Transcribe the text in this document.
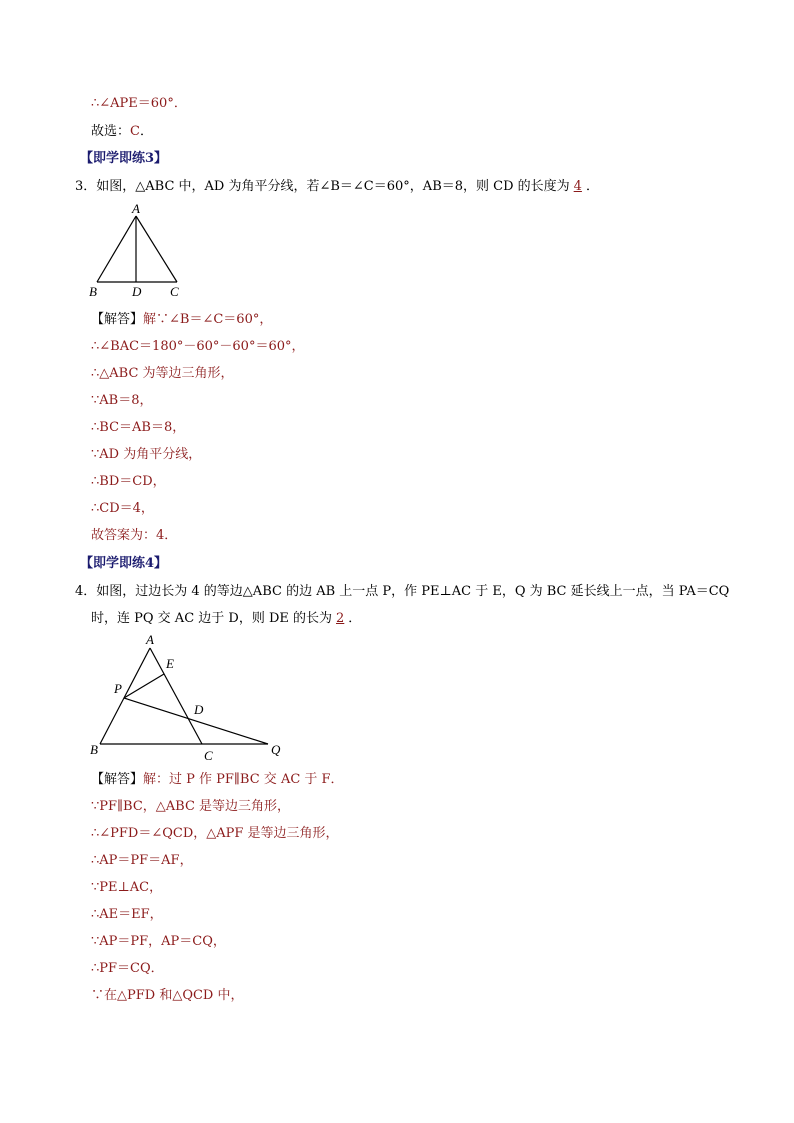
∴∠APE＝60°．
故选：C．
【即学即练3】
3．如图，△ABC 中，AD 为角平分线，若∠B＝∠C＝60°，AB＝8，则 CD 的长度为 4 ．
A
B	D C
【解答】解∵∠B＝∠C＝60°，
∴∠BAC＝180°－60°－60°＝60°，
∴△ABC 为等边三角形，
∵AB＝8，
∴BC＝AB＝8，
∵AD 为角平分线，
∴BD＝CD，
∴CD＝4，
故答案为：4．
【即学即练4】
4．如图，过边长为 4 的等边△ABC 的边 AB 上一点 P，作 PE⊥AC 于 E，Q 为 BC 延长线上一点，当 PA＝CQ
时，连 PQ 交 AC 边于 D，则 DE 的长为 2 ．
A
E
P
D
B	C	Q
【解答】解：过 P 作 PF∥BC 交 AC 于 F．
∵PF∥BC，△ABC 是等边三角形，
∴∠PFD＝∠QCD，△APF 是等边三角形，
∴AP＝PF＝AF，
∵PE⊥AC，
∴AE＝EF，
∵AP＝PF，AP＝CQ，
∴PF＝CQ．
∵在△PFD 和△QCD 中，
